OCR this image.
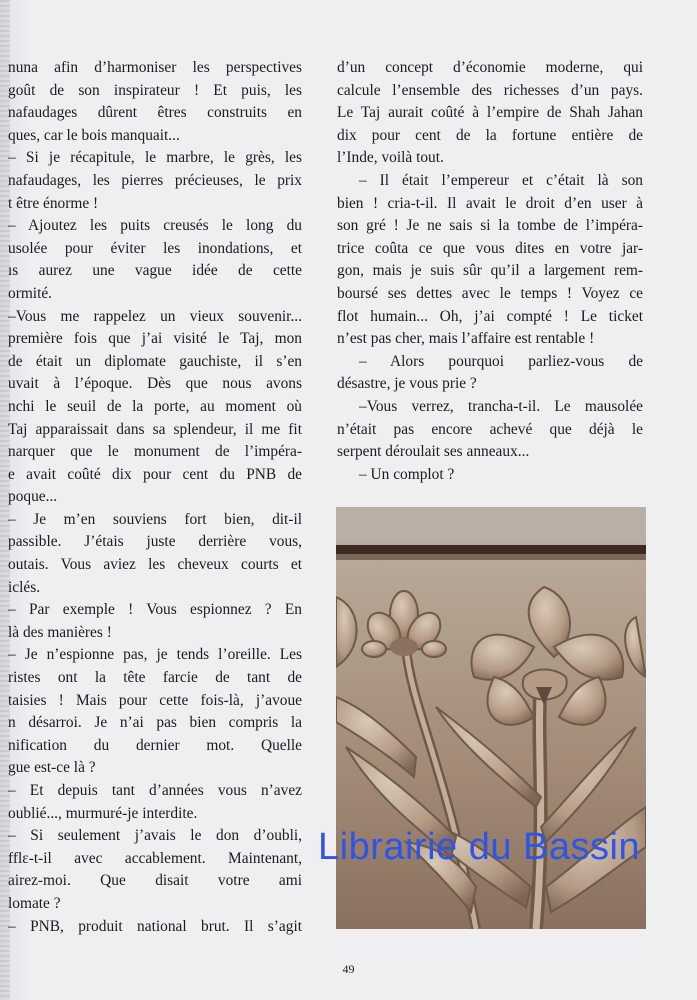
nuna afin d’harmoniser les perspectives
goût de son inspirateur ! Et puis, les
nafaudages dûrent êtres construits en
ques, car le bois manquait...
– Si je récapitule, le marbre, le grès, les
nafaudages, les pierres précieuses, le prix
t être énorme !
– Ajoutez les puits creusés le long du
usolée pour éviter les inondations, et
ıs aurez une vague idée de cette
ormité.
–Vous me rappelez un vieux souvenir...
première fois que j’ai visité le Taj, mon
de était un diplomate gauchiste, il s’en
uvait à l’époque. Dès que nous avons
nchi le seuil de la porte, au moment où
Taj apparaissait dans sa splendeur, il me fit
narquer que le monument de l’impéra-
e avait coûté dix pour cent du PNB de
poque...
– Je m’en souviens fort bien, dit-il
passible. J’étais juste derrière vous,
outais. Vous aviez les cheveux courts et
iclés.
– Par exemple ! Vous espionnez ? En
là des manières !
– Je n’espionne pas, je tends l’oreille. Les
ristes ont la tête farcie de tant de
taisies ! Mais pour cette fois-là, j’avoue
n désarroi. Je n’ai pas bien compris la
nification du dernier mot. Quelle
gue est-ce là ?
– Et depuis tant d’années vous n’avez
oublié..., murmuré-je interdite.
– Si seulement j’avais le don d’oubli,
fflε-t-il avec accablement. Maintenant,
airez-moi. Que disait votre ami
lomate ?
– PNB, produit national brut. Il s’agit
d’un concept d’économie moderne, qui
calcule l’ensemble des richesses d’un pays.
Le Taj aurait coûté à l’empire de Shah Jahan
dix pour cent de la fortune entière de
l’Inde, voilà tout.
– Il était l’empereur et c’était là son
bien ! cria-t-il. Il avait le droit d’en user à
son gré ! Je ne sais si la tombe de l’impéra-
trice coûta ce que vous dites en votre jar-
gon, mais je suis sûr qu’il a largement rem-
boursé ses dettes avec le temps ! Voyez ce
flot humain... Oh, j’ai compté ! Le ticket
n’est pas cher, mais l’affaire est rentable !
– Alors pourquoi parliez-vous de
désastre, je vous prie ?
–Vous verrez, trancha-t-il. Le mausolée
n’était pas encore achevé que déjà le
serpent déroulait ses anneaux...
– Un complot ?
Librairie du Bassin
49
